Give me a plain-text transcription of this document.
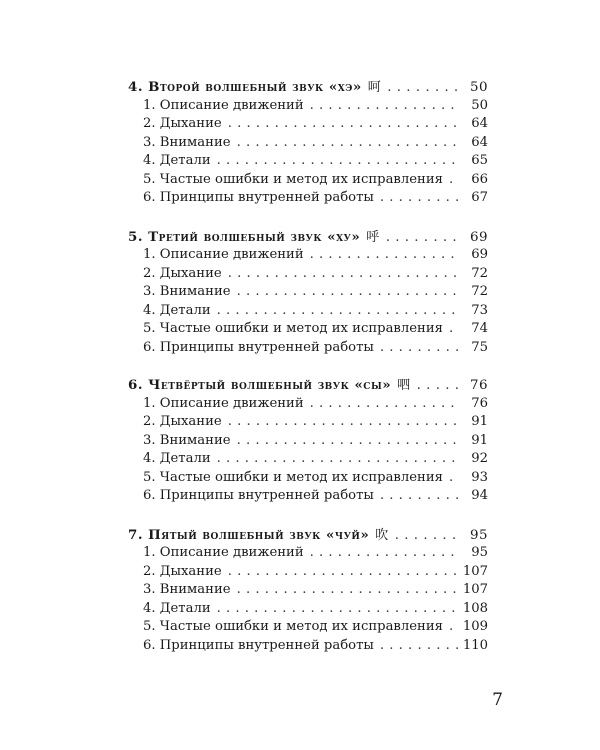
4. Второй волшебный звук «хэ» 呵 . . .	50
1. Описание движений . . .	50
2. Дыхание . . .	64
3. Внимание . . .	64
4. Детали . . .	65
5. Частые ошибки и метод их исправления . . .	66
6. Принципы внутренней работы . . .	67
5. Третий волшебный звук «ху» 呼 . . .	69
1. Описание движений . . .	69
2. Дыхание . . .	72
3. Внимание . . .	72
4. Детали . . .	73
5. Частые ошибки и метод их исправления . . .	74
6. Принципы внутренней работы . . .	75
6. Четвёртый волшебный звук «сы» 呬 . . .	76
1. Описание движений . . .	76
2. Дыхание . . .	91
3. Внимание . . .	91
4. Детали . . .	92
5. Частые ошибки и метод их исправления . . .	93
6. Принципы внутренней работы . . .	94
7. Пятый волшебный звук «чуй» 吹 . . .	95
1. Описание движений . . .	95
2. Дыхание . . .	107
3. Внимание . . .	107
4. Детали . . .	108
5. Частые ошибки и метод их исправления . . . 109
6. Принципы внутренней работы . . .	110
7
